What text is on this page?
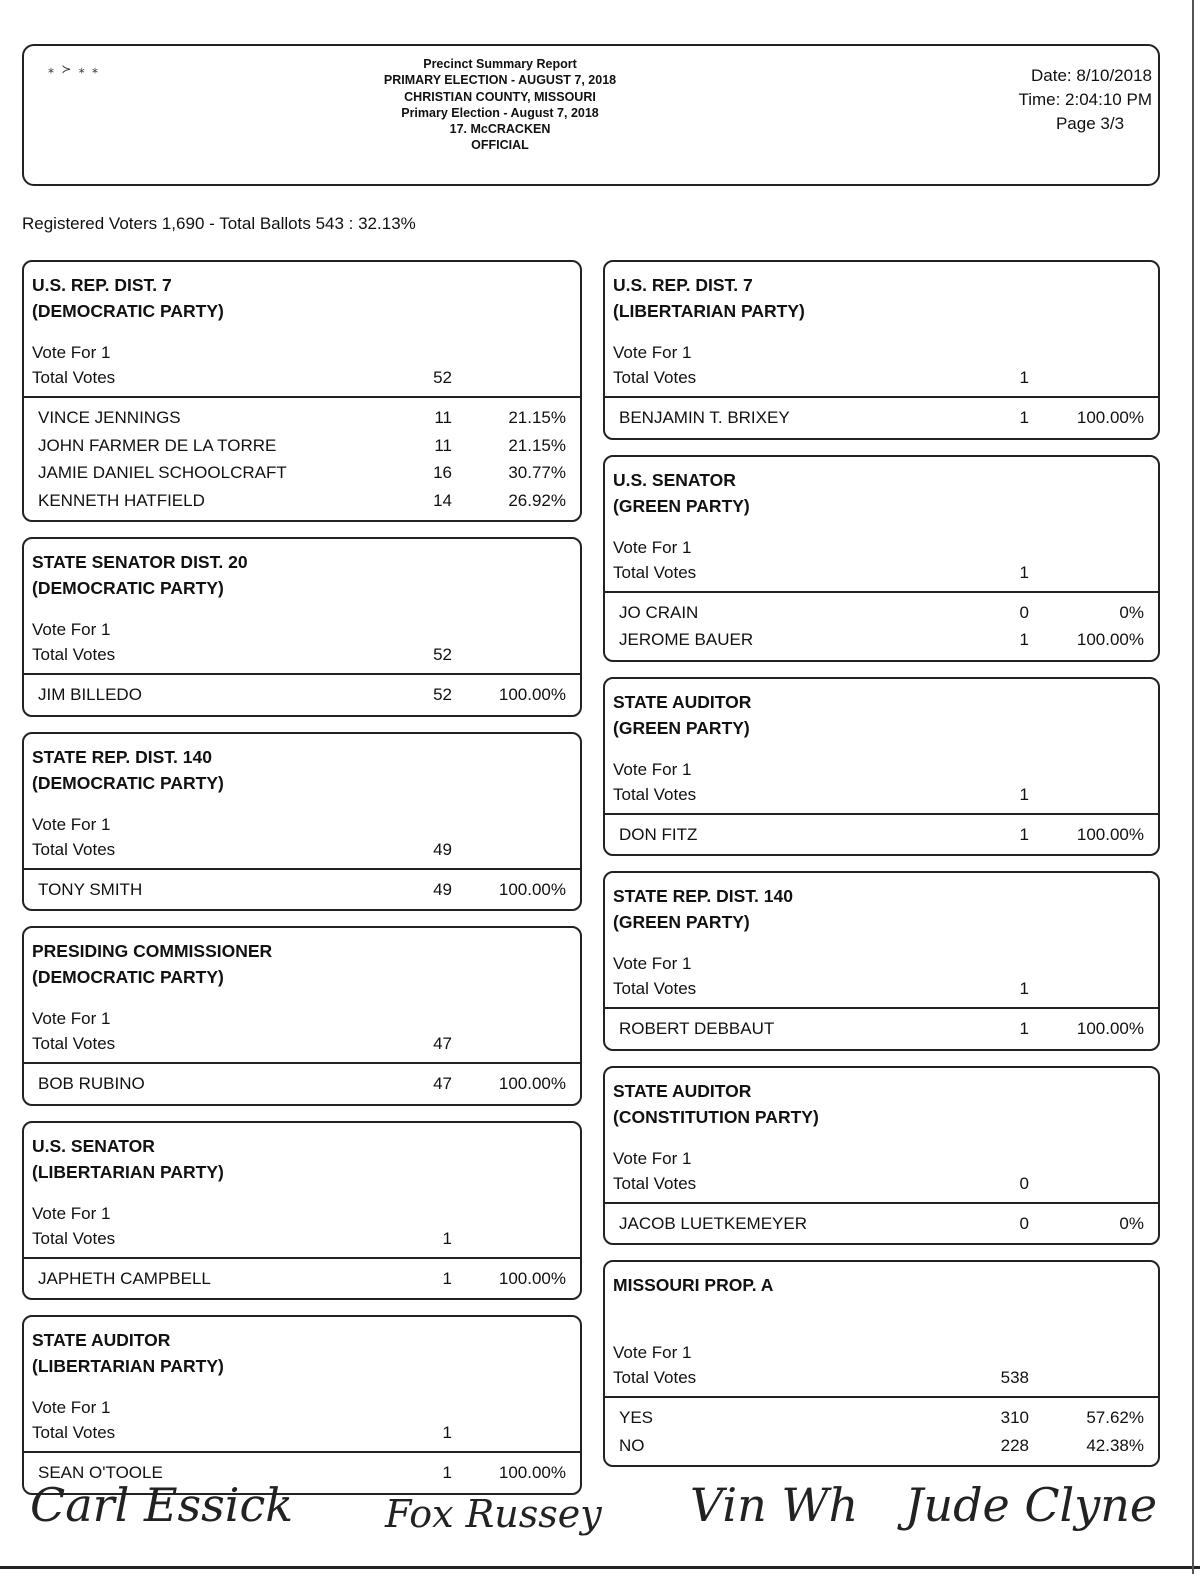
⁎ ≻ ⁎ ⁎	Precinct Summary Report
PRIMARY ELECTION - AUGUST 7, 2018
CHRISTIAN COUNTY, MISSOURI
Primary Election - August 7, 2018
17. McCRACKEN
OFFICIAL
Date: 8/10/2018
Time: 2:04:10 PM
Page 3/3
Registered Voters 1,690 - Total Ballots 543 : 32.13%
U.S. REP. DIST. 7
(DEMOCRATIC PARTY)
Vote For 1
Total Votes	52
VINCE JENNINGS	11	21.15%
JOHN FARMER DE LA TORRE	11	21.15%
JAMIE DANIEL SCHOOLCRAFT	16	30.77%
KENNETH HATFIELD	14	26.92%
STATE SENATOR DIST. 20
(DEMOCRATIC PARTY)
Vote For 1
Total Votes	52
JIM BILLEDO	52	100.00%
STATE REP. DIST. 140
(DEMOCRATIC PARTY)
Vote For 1
Total Votes	49
TONY SMITH	49	100.00%
PRESIDING COMMISSIONER
(DEMOCRATIC PARTY)
Vote For 1
Total Votes	47
BOB RUBINO	47	100.00%
U.S. SENATOR
(LIBERTARIAN PARTY)
Vote For 1
Total Votes	1
JAPHETH CAMPBELL	1	100.00%
STATE AUDITOR
(LIBERTARIAN PARTY)
Vote For 1
Total Votes	1
SEAN O'TOOLE	1	100.00%
U.S. REP. DIST. 7
(LIBERTARIAN PARTY)
Vote For 1
Total Votes	1
BENJAMIN T. BRIXEY	1	100.00%
U.S. SENATOR
(GREEN PARTY)
Vote For 1
Total Votes	1
JO CRAIN	0	0%
JEROME BAUER	1	100.00%
STATE AUDITOR
(GREEN PARTY)
Vote For 1
Total Votes	1
DON FITZ	1	100.00%
STATE REP. DIST. 140
(GREEN PARTY)
Vote For 1
Total Votes	1
ROBERT DEBBAUT	1	100.00%
STATE AUDITOR
(CONSTITUTION PARTY)
Vote For 1
Total Votes	0
JACOB LUETKEMEYER	0	0%
MISSOURI PROP. A
Vote For 1
Total Votes	538
YES	310	57.62%
NO	228	42.38%
Carl Essick Fox Russey Vin Wh Jude Clyne
